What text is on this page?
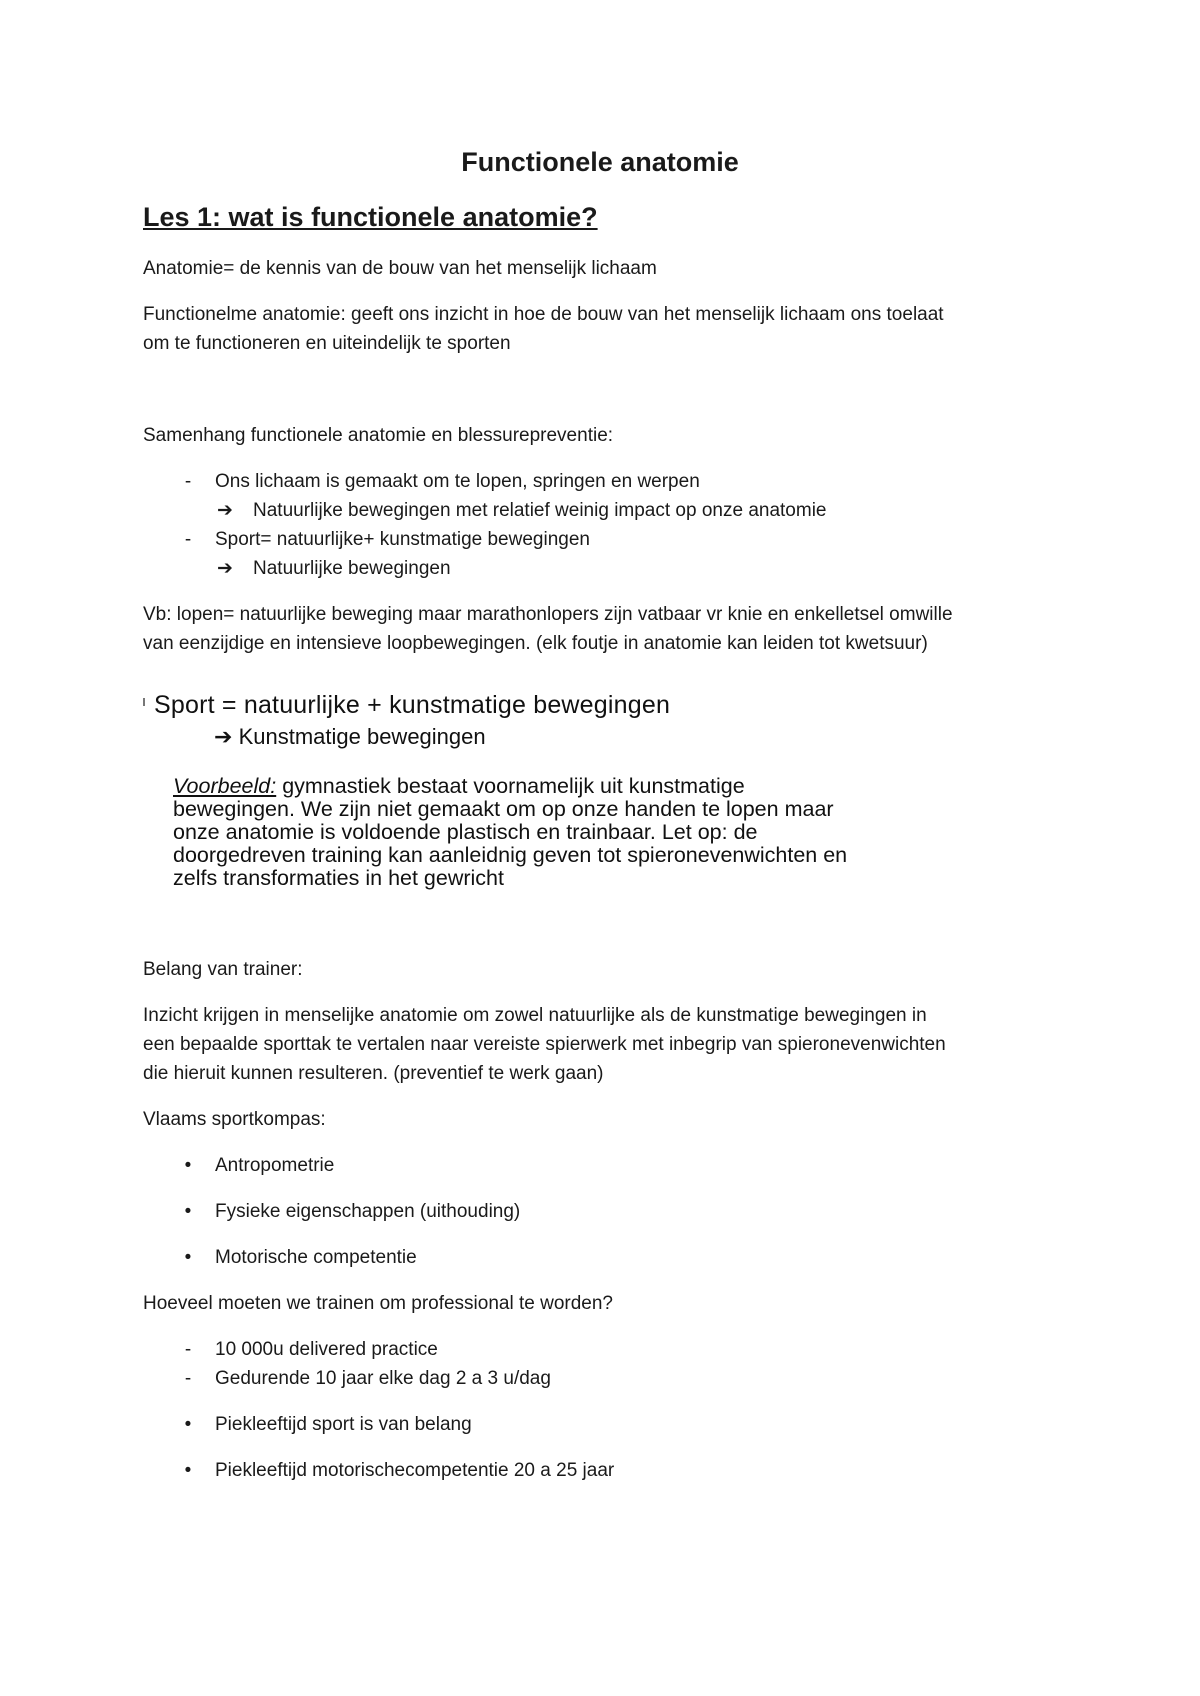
Functionele anatomie
Les 1: wat is functionele anatomie?
Anatomie= de kennis van de bouw van het menselijk lichaam
Functionelme anatomie: geeft ons inzicht in hoe de bouw van het menselijk lichaam ons toelaat
om te functioneren en uiteindelijk te sporten
Samenhang functionele anatomie en blessurepreventie:
- Ons lichaam is gemaakt om te lopen, springen en werpen
➔ Natuurlijke bewegingen met relatief weinig impact op onze anatomie
- Sport= natuurlijke+ kunstmatige bewegingen
➔ Natuurlijke bewegingen
Vb: lopen= natuurlijke beweging maar marathonlopers zijn vatbaar vr knie en enkelletsel omwille
van eenzijdige en intensieve loopbewegingen. (elk foutje in anatomie kan leiden tot kwetsuur)
Sport = natuurlijke + kunstmatige bewegingen
➔ Kunstmatige bewegingen
Voorbeeld: gymnastiek bestaat voornamelijk uit kunstmatige
bewegingen. We zijn niet gemaakt om op onze handen te lopen maar
onze anatomie is voldoende plastisch en trainbaar. Let op: de
doorgedreven training kan aanleidnig geven tot spieronevenwichten en
zelfs transformaties in het gewricht
Belang van trainer:
Inzicht krijgen in menselijke anatomie om zowel natuurlijke als de kunstmatige bewegingen in
een bepaalde sporttak te vertalen naar vereiste spierwerk met inbegrip van spieronevenwichten
die hieruit kunnen resulteren. (preventief te werk gaan)
Vlaams sportkompas:
• Antropometrie
• Fysieke eigenschappen (uithouding)
• Motorische competentie
Hoeveel moeten we trainen om professional te worden?
- 10 000u delivered practice
- Gedurende 10 jaar elke dag 2 a 3 u/dag
• Piekleeftijd sport is van belang
• Piekleeftijd motorischecompetentie 20 a 25 jaar
